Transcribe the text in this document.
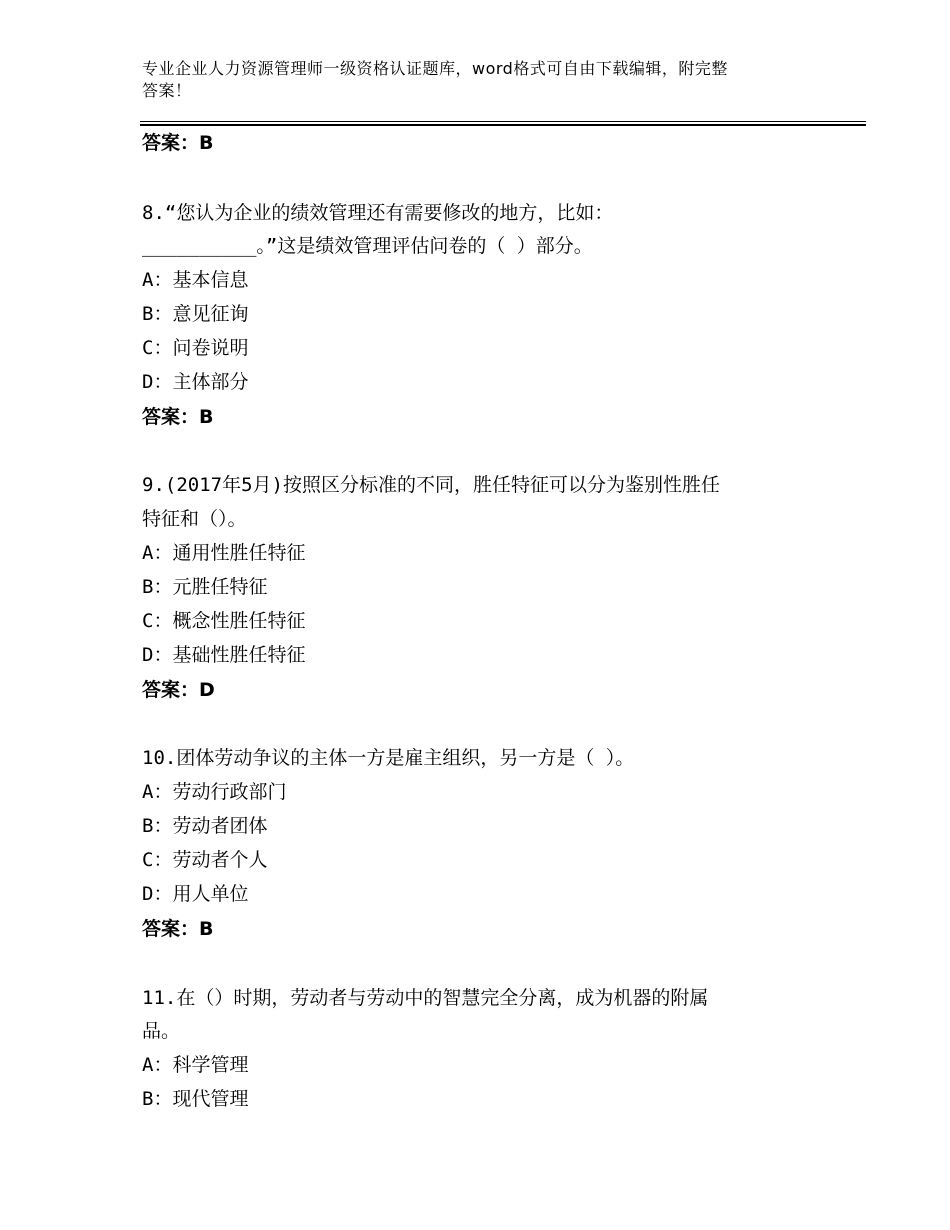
专业企业人力资源管理师一级资格认证题库，word格式可自由下载编辑，附完整
答案！
答案：B
8.“您认为企业的绩效管理还有需要修改的地方，比如：
__________。”这是绩效管理评估问卷的（ ）部分。
A：基本信息
B：意见征询
C：问卷说明
D：主体部分
答案：B
9.(2017年5月)按照区分标准的不同，胜任特征可以分为鉴别性胜任
特征和（）。
A：通用性胜任特征
B：元胜任特征
C：概念性胜任特征
D：基础性胜任特征
答案：D
10.团体劳动争议的主体一方是雇主组织，另一方是（ ）。
A：劳动行政部门
B：劳动者团体
C：劳动者个人
D：用人单位
答案：B
11.在（）时期，劳动者与劳动中的智慧完全分离，成为机器的附属
品。
A：科学管理
B：现代管理
